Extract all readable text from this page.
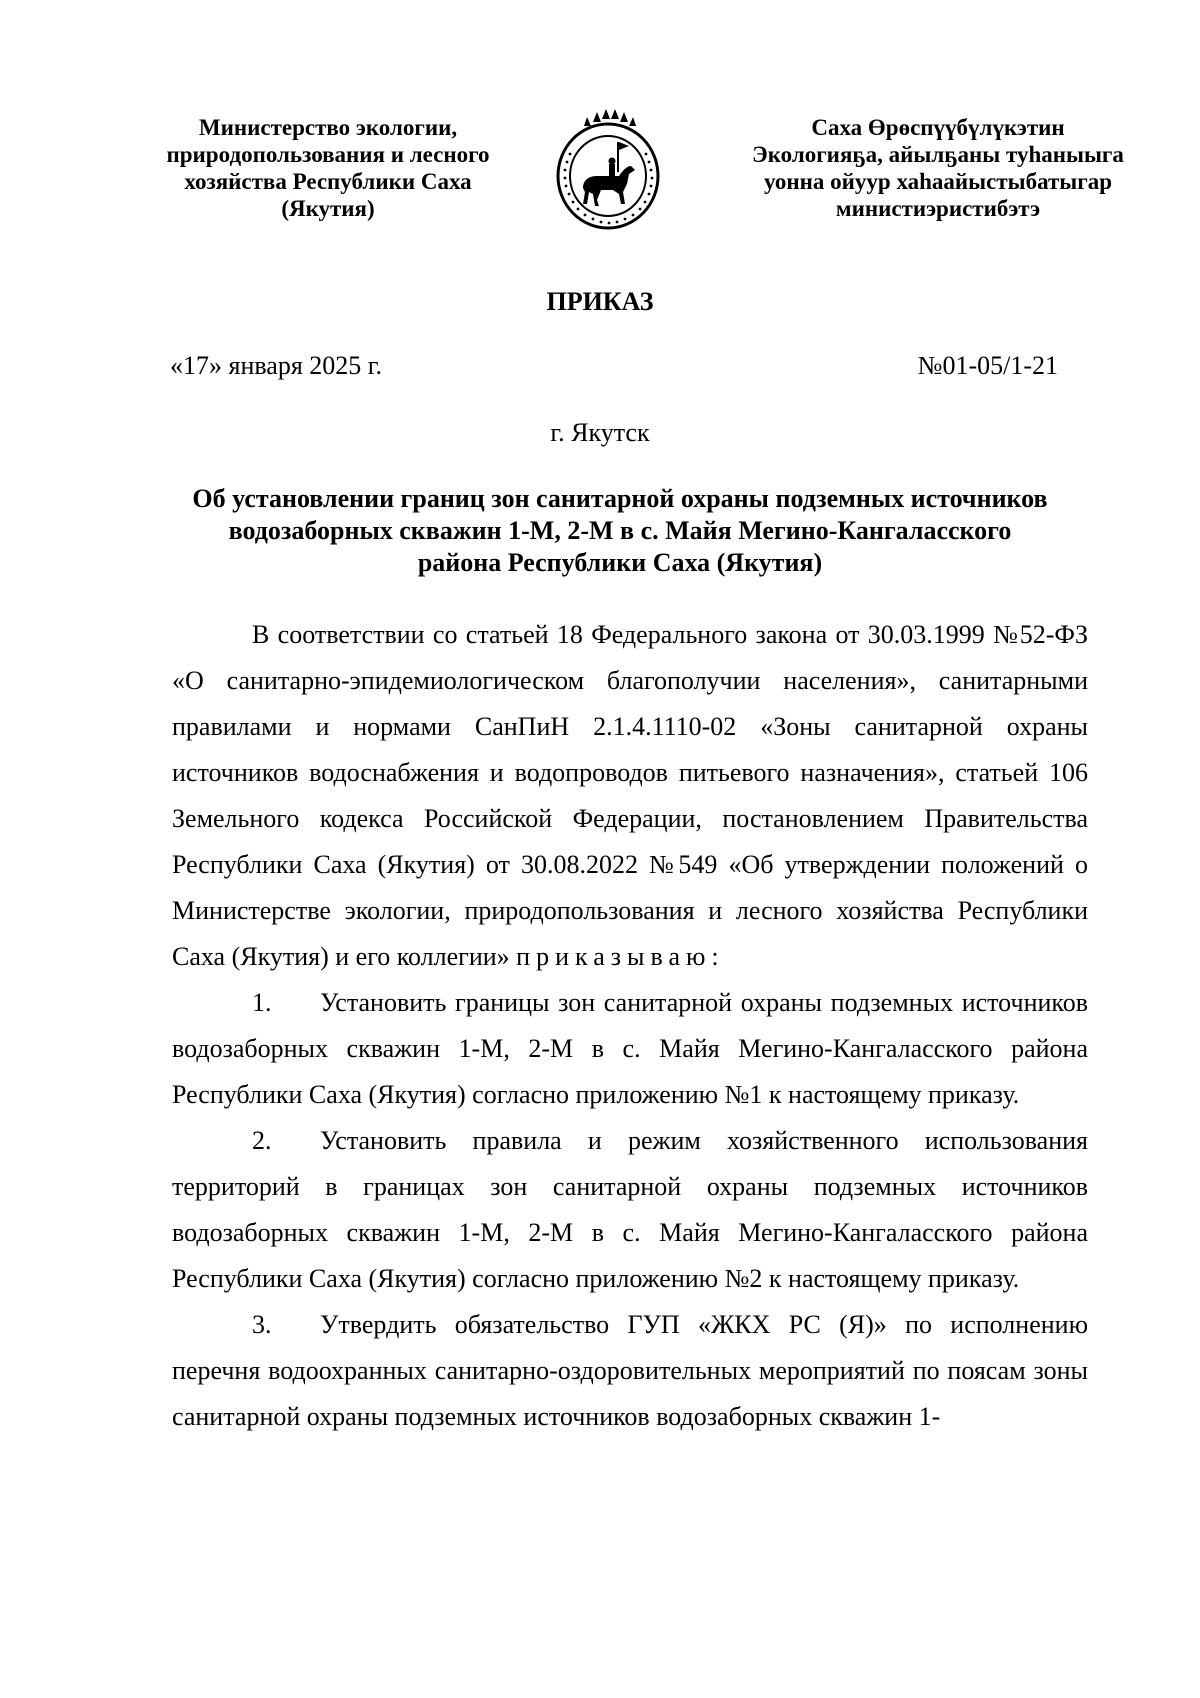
Министерство экологии,
природопользования и лесного
хозяйства Республики Саха
(Якутия)
Саха Өрөспүүбүлүкэтин
Экологияҕа, айылҕаны туһаныыга
уонна ойуур хаһаайыстыбатыгар
министиэристибэтэ
ПРИКАЗ
«17» января 2025 г.	№01-05/1-21
г. Якутск
Об установлении границ зон санитарной охраны подземных источников
водозаборных скважин 1-М, 2-М в с. Майя Мегино-Кангаласского
района Республики Саха (Якутия)

В соответствии со статьей 18 Федерального закона от 30.03.1999 №52-ФЗ «О санитарно-эпидемиологическом благополучии населения», санитарными правилами и нормами СанПиН 2.1.4.1110-02 «Зоны санитарной охраны источников водоснабжения и водопроводов питьевого назначения», статьей 106 Земельного кодекса Российской Федерации, постановлением Правительства Республики Саха (Якутия) от 30.08.2022 №549 «Об утверждении положений о Министерстве экологии, природопользования и лесного хозяйства Республики Саха (Якутия) и его коллегии» приказываю:

1. Установить границы зон санитарной охраны подземных источников водозаборных скважин 1-М, 2-М в с. Майя Мегино-Кангаласского района Республики Саха (Якутия) согласно приложению №1 к настоящему приказу.

2. Установить правила и режим хозяйственного использования территорий в границах зон санитарной охраны подземных источников водозаборных скважин 1-М, 2-М в с. Майя Мегино-Кангаласского района Республики Саха (Якутия) согласно приложению №2 к настоящему приказу.

3. Утвердить обязательство ГУП «ЖКХ РС (Я)» по исполнению перечня водоохранных санитарно-оздоровительных мероприятий по поясам зоны санитарной охраны подземных источников водозаборных скважин 1-
